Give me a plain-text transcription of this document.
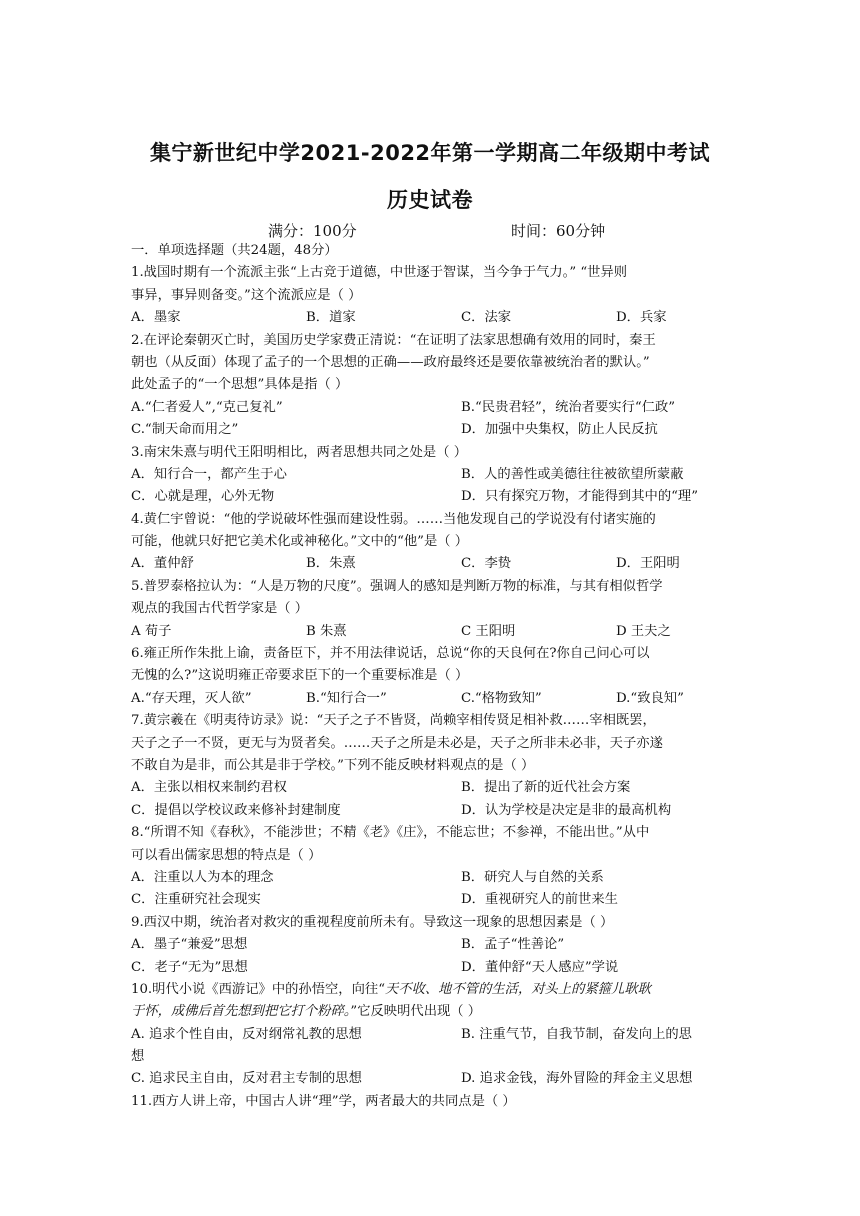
集宁新世纪中学2021-2022年第一学期高二年级期中考试
历史试卷
满分：100分	时间：60分钟
一．单项选择题（共24题，48分）
1.战国时期有一个流派主张“上古竞于道德，中世逐于智谋，当今争于气力。” “世异则
事异，事异则备变。”这个流派应是（ ）
A．墨家	B．道家	C．法家	D．兵家
2.在评论秦朝灭亡时，美国历史学家费正清说：“在证明了法家思想确有效用的同时，秦王
朝也（从反面）体现了孟子的一个思想的正确——政府最终还是要依靠被统治者的默认。”
此处孟子的“一个思想”具体是指（ ）
A.“仁者爱人”,“克己复礼”	B.“民贵君轻”，统治者要实行“仁政”
C.“制天命而用之”	D．加强中央集权，防止人民反抗
3.南宋朱熹与明代王阳明相比，两者思想共同之处是（ ）
A．知行合一，都产生于心	B．人的善性或美德往往被欲望所蒙蔽
C．心就是理，心外无物	D．只有探究万物，才能得到其中的“理”
4.黄仁宇曾说：“他的学说破坏性强而建设性弱。……当他发现自己的学说没有付诸实施的
可能，他就只好把它美术化或神秘化。”文中的“他”是（ ）
A．董仲舒	B．朱熹	C．李贽	D．王阳明
5.普罗泰格拉认为：“人是万物的尺度”。强调人的感知是判断万物的标准，与其有相似哲学
观点的我国古代哲学家是（ ）
A 荀子	B 朱熹	C 王阳明	D 王夫之
6.雍正所作朱批上谕，责备臣下，并不用法律说话，总说“你的天良何在?你自己问心可以
无愧的么?”这说明雍正帝要求臣下的一个重要标准是（ ）
A.“存天理，灭人欲”	B.“知行合一”	C.“格物致知”	D.“致良知”
7.黄宗羲在《明夷待访录》说：“天子之子不皆贤，尚赖宰相传贤足相补救……宰相既罢，
天子之子一不贤，更无与为贤者矣。……天子之所是未必是，天子之所非未必非，天子亦遂
不敢自为是非，而公其是非于学校。”下列不能反映材料观点的是（ ）
A．主张以相权来制约君权	B．提出了新的近代社会方案
C．提倡以学校议政来修补封建制度	D．认为学校是决定是非的最高机构
8.“所谓不知《春秋》，不能涉世；不精《老》《庄》，不能忘世；不参禅，不能出世。”从中
可以看出儒家思想的特点是（ ）
A．注重以人为本的理念	B．研究人与自然的关系
C．注重研究社会现实	D．重视研究人的前世来生
9.西汉中期，统治者对救灾的重视程度前所未有。导致这一现象的思想因素是（ ）
A．墨子“兼爱”思想	B．孟子“性善论”
C．老子“无为”思想	D．董仲舒“天人感应”学说
10.明代小说《西游记》中的孙悟空，向往“天不收、地不管的生活，对头上的紧箍儿耿耿
于怀，成佛后首先想到把它打个粉碎。”它反映明代出现（ ）
A. 追求个性自由，反对纲常礼教的思想	B. 注重气节，自我节制，奋发向上的思
想
C. 追求民主自由，反对君主专制的思想	D. 追求金钱，海外冒险的拜金主义思想
11.西方人讲上帝，中国古人讲“理”学，两者最大的共同点是（ ）
